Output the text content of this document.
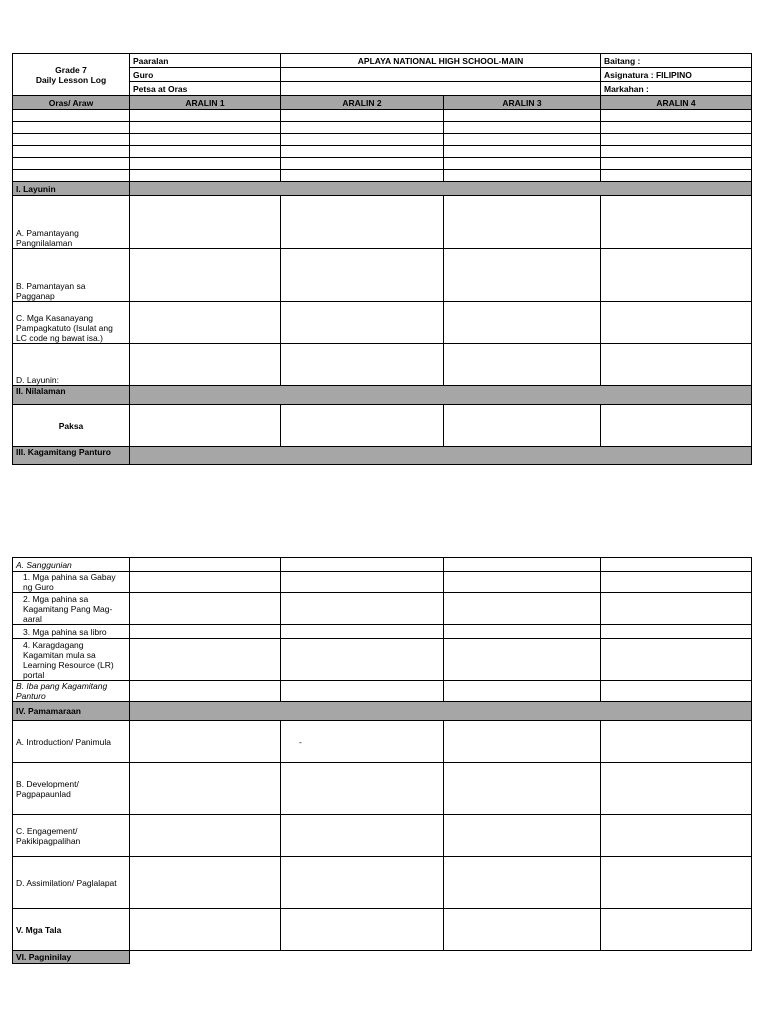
Grade 7
Daily Lesson Log	Paaralan	APLAYA NATIONAL HIGH SCHOOL-MAIN		Baitang :
	Guro			Asignatura : FILIPINO
	Petsa at Oras			Markahan :
Oras/ Araw	ARALIN 1	ARALIN 2	ARALIN 3	ARALIN 4

I. Layunin				
A. Pamantayang Pangnilalaman				
B. Pamantayan sa Pagganap				
C. Mga Kasanayang Pampagkatuto (Isulat ang LC code ng bawat isa.)				
D. Layunin:				
II. Nilalaman				
Paksa				
III. Kagamitang Panturo				
A. Sanggunian				
1. Mga pahina sa Gabay ng Guro				
2. Mga pahina sa Kagamitang Pang Mag-aaral				
3. Mga pahina sa libro				
4. Karagdagang Kagamitan mula sa Learning Resource (LR) portal				
B. Iba pang Kagamitang Panturo				
IV. Pamamaraan				
A. Introduction/ Panimula		-		
B. Development/ Pagpapaunlad				
C. Engagement/ Pakikipagpalihan				
D. Assimilation/ Paglalapat				
V. Mga Tala				
VI. Pagninilay				
